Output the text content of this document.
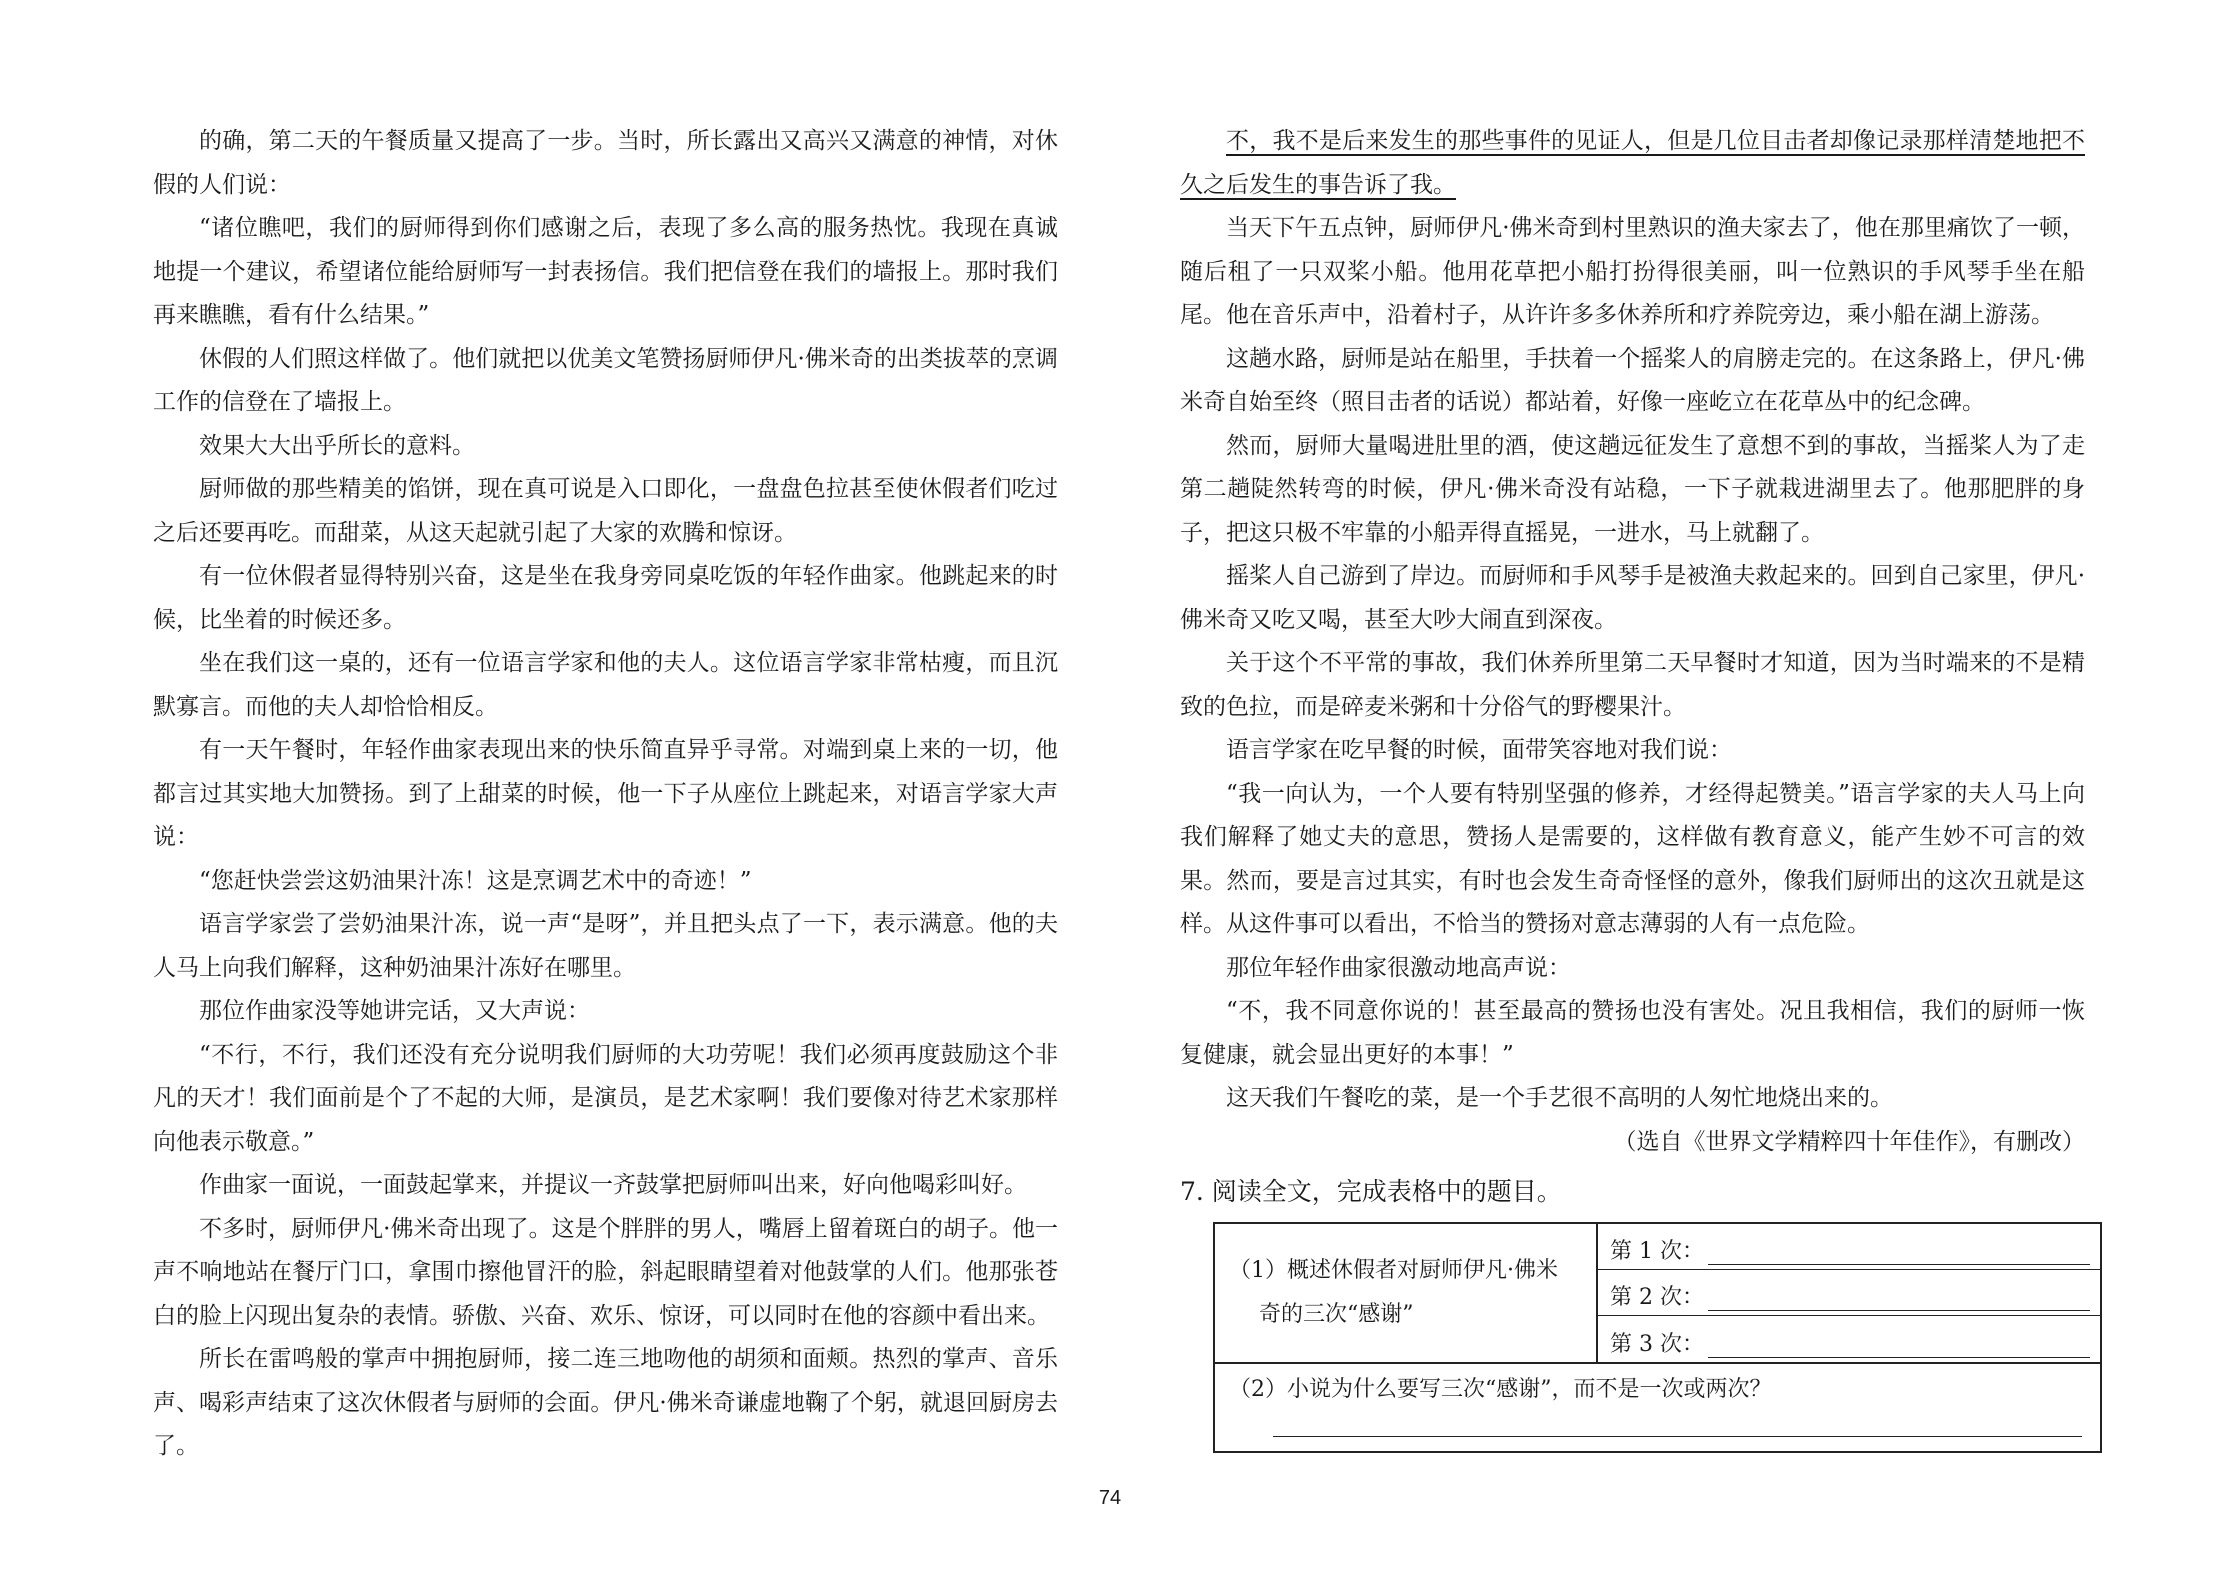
的确，第二天的午餐质量又提高了一步。当时，所长露出又高兴又满意的神情，对休假的人们说：

“诸位瞧吧，我们的厨师得到你们感谢之后，表现了多么高的服务热忱。我现在真诚地提一个建议，希望诸位能给厨师写一封表扬信。我们把信登在我们的墙报上。那时我们再来瞧瞧，看有什么结果。”

休假的人们照这样做了。他们就把以优美文笔赞扬厨师伊凡·佛米奇的出类拔萃的烹调工作的信登在了墙报上。

效果大大出乎所长的意料。

厨师做的那些精美的馅饼，现在真可说是入口即化，一盘盘色拉甚至使休假者们吃过之后还要再吃。而甜菜，从这天起就引起了大家的欢腾和惊讶。

有一位休假者显得特别兴奋，这是坐在我身旁同桌吃饭的年轻作曲家。他跳起来的时候，比坐着的时候还多。

坐在我们这一桌的，还有一位语言学家和他的夫人。这位语言学家非常枯瘦，而且沉默寡言。而他的夫人却恰恰相反。

有一天午餐时，年轻作曲家表现出来的快乐简直异乎寻常。对端到桌上来的一切，他都言过其实地大加赞扬。到了上甜菜的时候，他一下子从座位上跳起来，对语言学家大声说：

“您赶快尝尝这奶油果汁冻！这是烹调艺术中的奇迹！”

语言学家尝了尝奶油果汁冻，说一声“是呀”，并且把头点了一下，表示满意。他的夫人马上向我们解释，这种奶油果汁冻好在哪里。

那位作曲家没等她讲完话，又大声说：

“不行，不行，我们还没有充分说明我们厨师的大功劳呢！我们必须再度鼓励这个非凡的天才！我们面前是个了不起的大师，是演员，是艺术家啊！我们要像对待艺术家那样向他表示敬意。”

作曲家一面说，一面鼓起掌来，并提议一齐鼓掌把厨师叫出来，好向他喝彩叫好。

不多时，厨师伊凡·佛米奇出现了。这是个胖胖的男人，嘴唇上留着斑白的胡子。他一声不响地站在餐厅门口，拿围巾擦他冒汗的脸，斜起眼睛望着对他鼓掌的人们。他那张苍白的脸上闪现出复杂的表情。骄傲、兴奋、欢乐、惊讶，可以同时在他的容颜中看出来。

所长在雷鸣般的掌声中拥抱厨师，接二连三地吻他的胡须和面颊。热烈的掌声、音乐声、喝彩声结束了这次休假者与厨师的会面。伊凡·佛米奇谦虚地鞠了个躬，就退回厨房去了。

不，我不是后来发生的那些事件的见证人，但是几位目击者却像记录那样清楚地把不久之后发生的事告诉了我。

当天下午五点钟，厨师伊凡·佛米奇到村里熟识的渔夫家去了，他在那里痛饮了一顿，随后租了一只双桨小船。他用花草把小船打扮得很美丽，叫一位熟识的手风琴手坐在船尾。他在音乐声中，沿着村子，从许许多多休养所和疗养院旁边，乘小船在湖上游荡。

这趟水路，厨师是站在船里，手扶着一个摇桨人的肩膀走完的。在这条路上，伊凡·佛米奇自始至终（照目击者的话说）都站着，好像一座屹立在花草丛中的纪念碑。

然而，厨师大量喝进肚里的酒，使这趟远征发生了意想不到的事故，当摇桨人为了走第二趟陡然转弯的时候，伊凡·佛米奇没有站稳，一下子就栽进湖里去了。他那肥胖的身子，把这只极不牢靠的小船弄得直摇晃，一进水，马上就翻了。

摇桨人自己游到了岸边。而厨师和手风琴手是被渔夫救起来的。回到自己家里，伊凡·佛米奇又吃又喝，甚至大吵大闹直到深夜。

关于这个不平常的事故，我们休养所里第二天早餐时才知道，因为当时端来的不是精致的色拉，而是碎麦米粥和十分俗气的野樱果汁。

语言学家在吃早餐的时候，面带笑容地对我们说：

“我一向认为，一个人要有特别坚强的修养，才经得起赞美。”语言学家的夫人马上向我们解释了她丈夫的意思，赞扬人是需要的，这样做有教育意义，能产生妙不可言的效果。然而，要是言过其实，有时也会发生奇奇怪怪的意外，像我们厨师出的这次丑就是这样。从这件事可以看出，不恰当的赞扬对意志薄弱的人有一点危险。

那位年轻作曲家很激动地高声说：

“不，我不同意你说的！甚至最高的赞扬也没有害处。况且我相信，我们的厨师一恢复健康，就会显出更好的本事！”

这天我们午餐吃的菜，是一个手艺很不高明的人匆忙地烧出来的。

（选自《世界文学精粹四十年佳作》，有删改）

7. 阅读全文，完成表格中的题目。

（1）概述休假者对厨师伊凡·佛米
奇的三次“感谢”

第 1 次：
第 2 次：
第 3 次：

（2）小说为什么要写三次“感谢”，而不是一次或两次？
74
